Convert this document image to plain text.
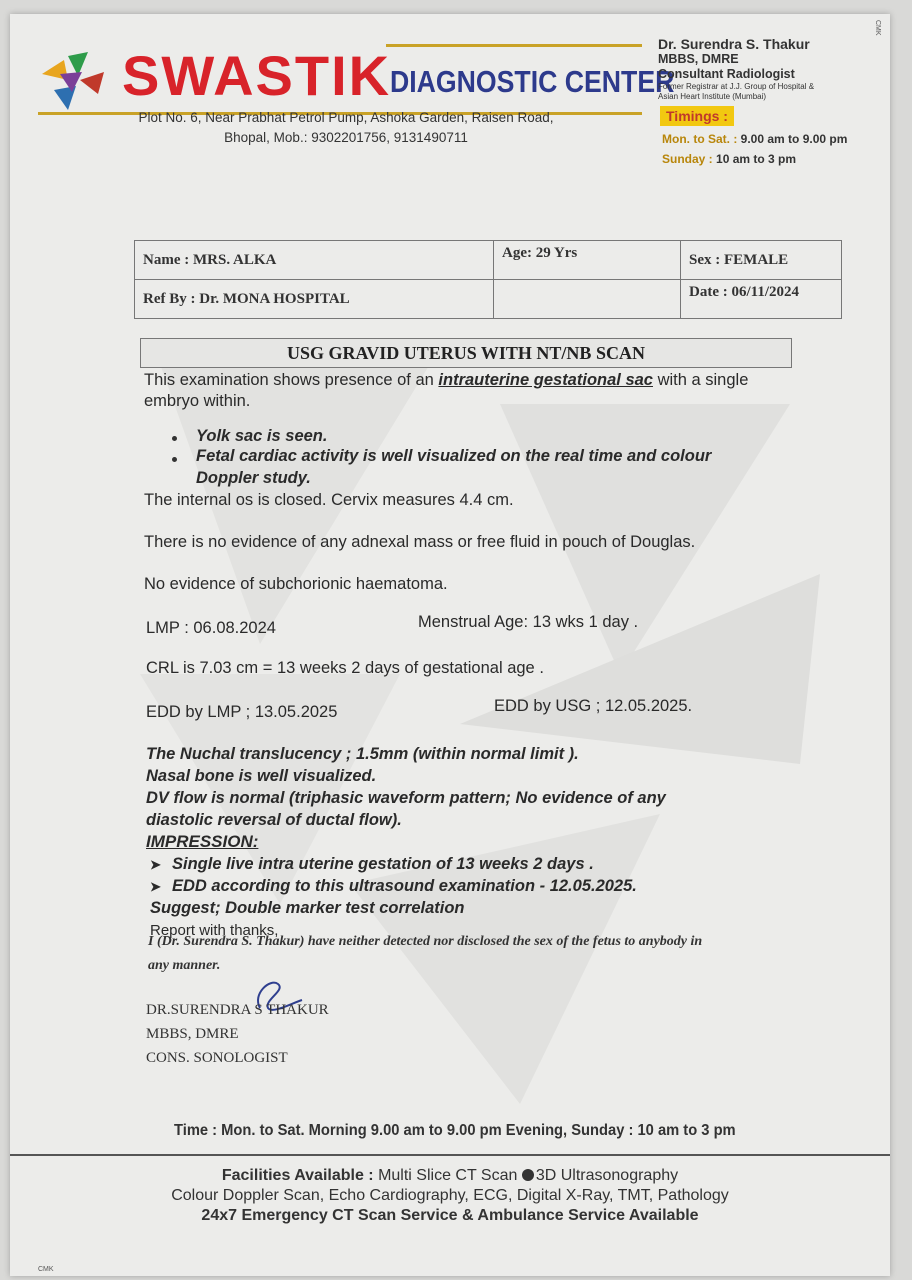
SWASTIK
DIAGNOSTIC CENTER
Plot No. 6, Near Prabhat Petrol Pump, Ashoka Garden, Raisen Road,
Bhopal, Mob.: 9302201756, 9131490711
Dr. Surendra S. Thakur
MBBS, DMRE
Consultant Radiologist
Former Registrar at J.J. Group of Hospital &
Asian Heart Institute (Mumbai)
Timings :
Mon. to Sat. : 9.00 am to 9.00 pm
Sunday : 10 am to 3 pm
CMK
Name : MRS. ALKA	Age: 29 Yrs	Sex : FEMALE
Ref By : Dr. MONA HOSPITAL		Date : 06/11/2024
USG GRAVID UTERUS WITH NT/NB SCAN
This examination shows presence of an intrauterine gestational sac with a single embryo within.
Yolk sac is seen.
Fetal cardiac activity is well visualized on the real time and colour
Doppler study.
The internal os is closed. Cervix measures 4.4 cm.
There is no evidence of any adnexal mass or free fluid in pouch of Douglas.
No evidence of subchorionic haematoma.
LMP : 06.08.2024	Menstrual Age: 13 wks 1 day .
CRL is 7.03 cm = 13 weeks 2 days of gestational age .
EDD by LMP ; 13.05.2025	EDD by USG ; 12.05.2025.
The Nuchal translucency ; 1.5mm (within normal limit ).
Nasal bone is well visualized.
DV flow is normal (triphasic waveform pattern; No evidence of any
diastolic reversal of ductal flow).
IMPRESSION:
➤ Single live intra uterine gestation of 13 weeks 2 days .
➤ EDD according to this ultrasound examination - 12.05.2025.
Suggest; Double marker test correlation
Report with thanks,
I (Dr. Surendra S. Thakur) have neither detected nor disclosed the sex of the fetus to anybody in
any manner.
DR.SURENDRA S THAKUR
MBBS, DMRE
CONS. SONOLOGIST
Time : Mon. to Sat. Morning 9.00 am to 9.00 pm Evening, Sunday : 10 am to 3 pm
Facilities Available : Multi Slice CT Scan 3D Ultrasonography
Colour Doppler Scan, Echo Cardiography, ECG, Digital X-Ray, TMT, Pathology
24x7 Emergency CT Scan Service & Ambulance Service Available
CMK
